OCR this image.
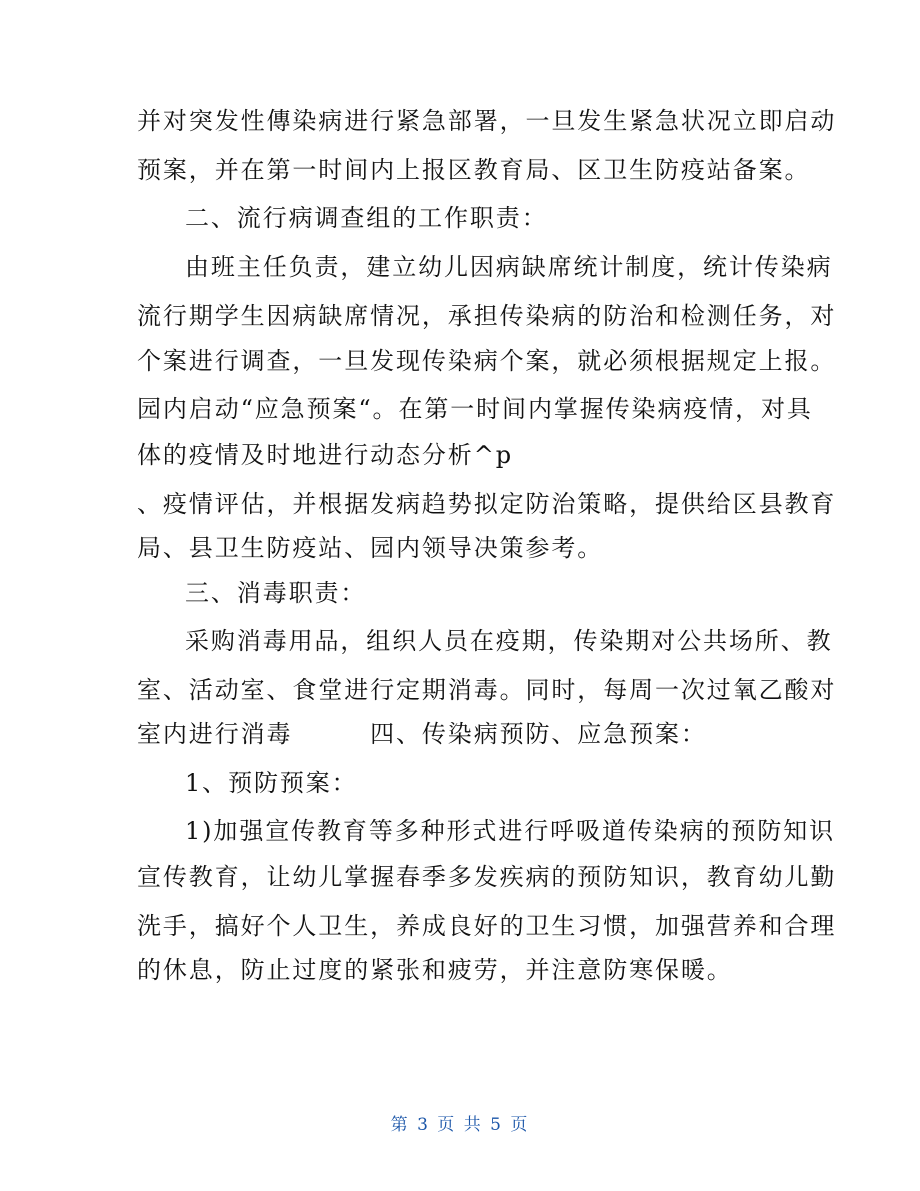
并对突发性傳染病进行紧急部署，一旦发生紧急状况立即启动
预案，并在第一时间内上报区教育局、区卫生防疫站备案。
二、流行病调查组的工作职责：
由班主任负责，建立幼儿因病缺席统计制度，统计传染病
流行期学生因病缺席情况，承担传染病的防治和检测任务，对
个案进行调查，一旦发现传染病个案，就必须根据规定上报。
园内启动“应急预案“。在第一时间内掌握传染病疫情，对具
体的疫情及时地进行动态分析^p
、疫情评估，并根据发病趋势拟定防治策略，提供给区县教育
局、县卫生防疫站、园内领导决策参考。
三、消毒职责：
采购消毒用品，组织人员在疫期，传染期对公共场所、教
室、活动室、食堂进行定期消毒。同时，每周一次过氧乙酸对
室内进行消毒　　　四、传染病预防、应急预案：
1、预防预案：
1)加强宣传教育等多种形式进行呼吸道传染病的预防知识
宣传教育，让幼儿掌握春季多发疾病的预防知识，教育幼儿勤
洗手，搞好个人卫生，养成良好的卫生习惯，加强营养和合理
的休息，防止过度的紧张和疲劳，并注意防寒保暖。
第 3 页 共 5 页
